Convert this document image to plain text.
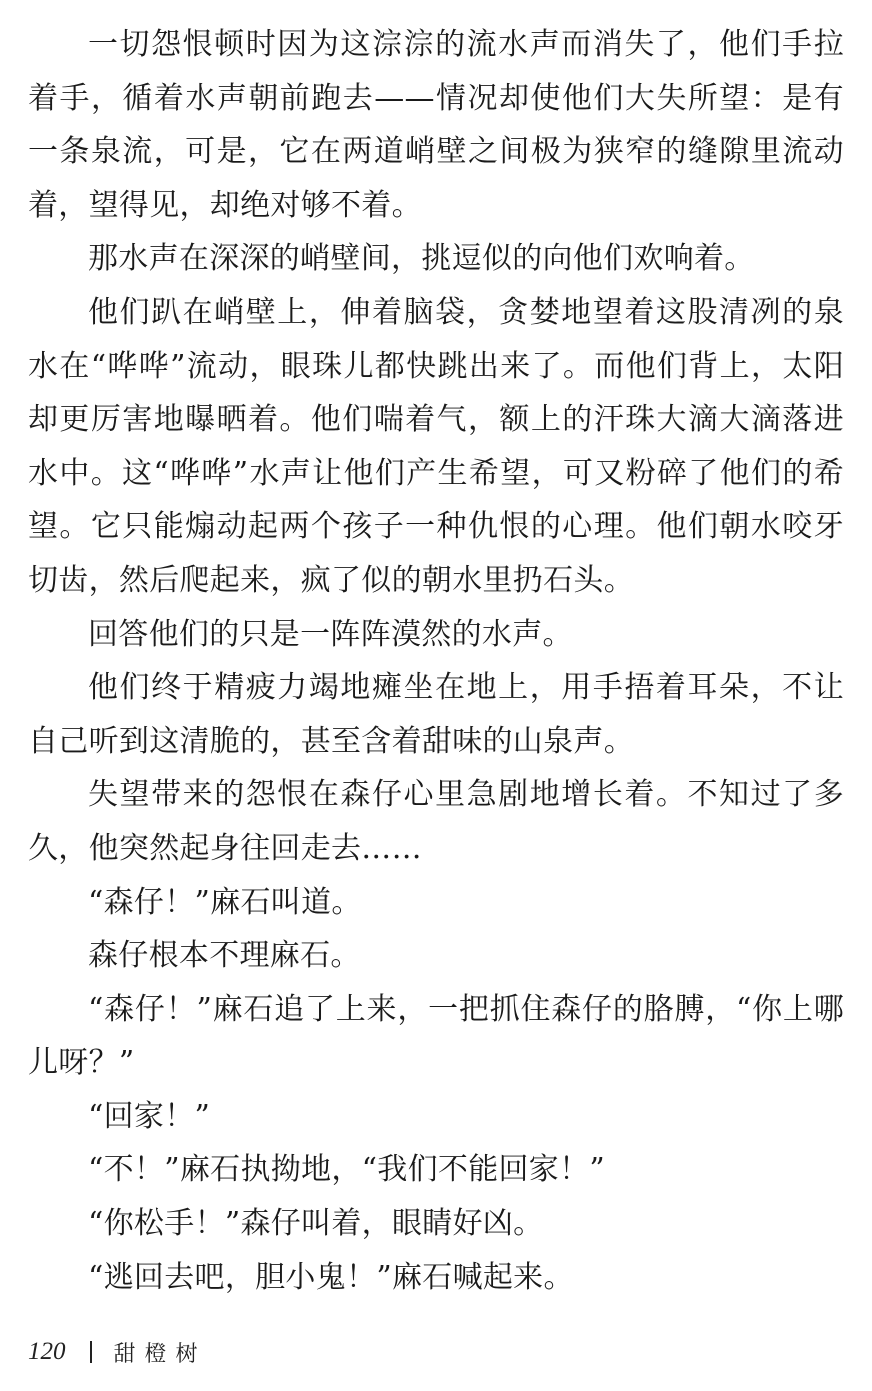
一切怨恨顿时因为这淙淙的流水声而消失了，他们手拉着手，循着水声朝前跑去——情况却使他们大失所望：是有一条泉流，可是，它在两道峭壁之间极为狭窄的缝隙里流动着，望得见，却绝对够不着。

那水声在深深的峭壁间，挑逗似的向他们欢响着。

他们趴在峭壁上，伸着脑袋，贪婪地望着这股清冽的泉水在“哗哗”流动，眼珠儿都快跳出来了。而他们背上，太阳却更厉害地曝晒着。他们喘着气，额上的汗珠大滴大滴落进水中。这“哗哗”水声让他们产生希望，可又粉碎了他们的希望。它只能煽动起两个孩子一种仇恨的心理。他们朝水咬牙切齿，然后爬起来，疯了似的朝水里扔石头。

回答他们的只是一阵阵漠然的水声。

他们终于精疲力竭地瘫坐在地上，用手捂着耳朵，不让自己听到这清脆的，甚至含着甜味的山泉声。

失望带来的怨恨在森仔心里急剧地增长着。不知过了多久，他突然起身往回走去……

“森仔！”麻石叫道。

森仔根本不理麻石。

“森仔！”麻石追了上来，一把抓住森仔的胳膊，“你上哪儿呀？”

“回家！”

“不！”麻石执拗地，“我们不能回家！”

“你松手！”森仔叫着，眼睛好凶。

“逃回去吧，胆小鬼！”麻石喊起来。

120 甜橙树
